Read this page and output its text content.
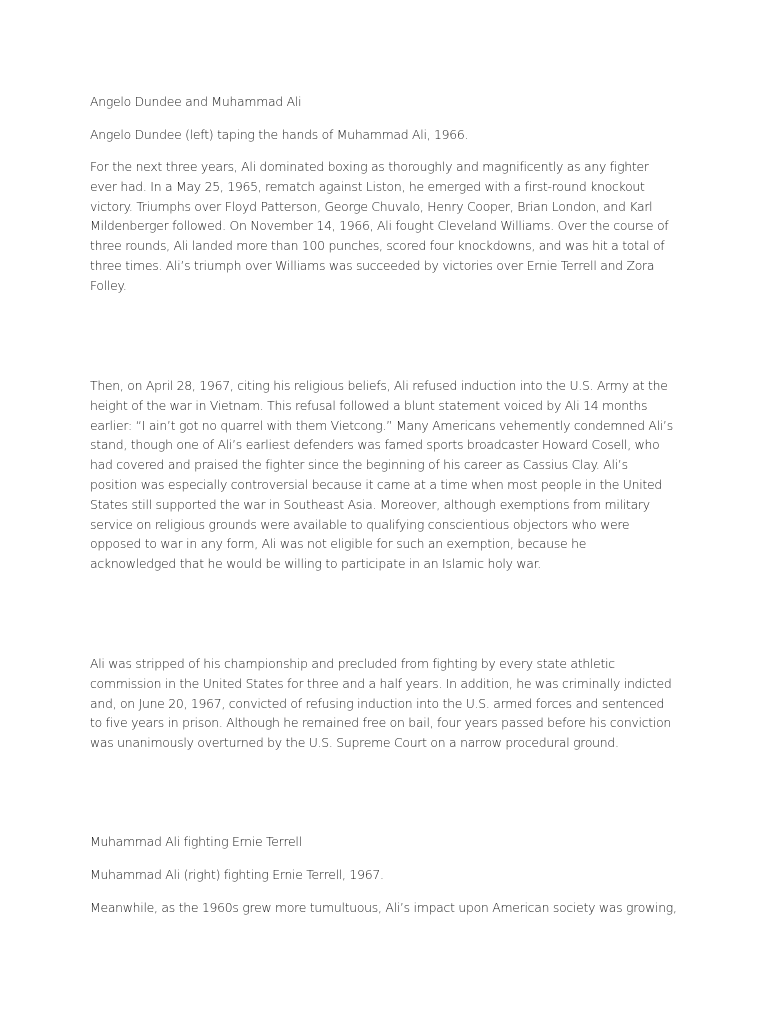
Angelo Dundee and Muhammad Ali

Angelo Dundee (left) taping the hands of Muhammad Ali, 1966.

For the next three years, Ali dominated boxing as thoroughly and magnificently as any fighter
ever had. In a May 25, 1965, rematch against Liston, he emerged with a first-round knockout
victory. Triumphs over Floyd Patterson, George Chuvalo, Henry Cooper, Brian London, and Karl
Mildenberger followed. On November 14, 1966, Ali fought Cleveland Williams. Over the course of
three rounds, Ali landed more than 100 punches, scored four knockdowns, and was hit a total of
three times. Ali’s triumph over Williams was succeeded by victories over Ernie Terrell and Zora
Folley.
Then, on April 28, 1967, citing his religious beliefs, Ali refused induction into the U.S. Army at the
height of the war in Vietnam. This refusal followed a blunt statement voiced by Ali 14 months
earlier: “I ain’t got no quarrel with them Vietcong.” Many Americans vehemently condemned Ali’s
stand, though one of Ali’s earliest defenders was famed sports broadcaster Howard Cosell, who
had covered and praised the fighter since the beginning of his career as Cassius Clay. Ali’s
position was especially controversial because it came at a time when most people in the United
States still supported the war in Southeast Asia. Moreover, although exemptions from military
service on religious grounds were available to qualifying conscientious objectors who were
opposed to war in any form, Ali was not eligible for such an exemption, because he
acknowledged that he would be willing to participate in an Islamic holy war.
Ali was stripped of his championship and precluded from fighting by every state athletic
commission in the United States for three and a half years. In addition, he was criminally indicted
and, on June 20, 1967, convicted of refusing induction into the U.S. armed forces and sentenced
to five years in prison. Although he remained free on bail, four years passed before his conviction
was unanimously overturned by the U.S. Supreme Court on a narrow procedural ground.

Muhammad Ali fighting Ernie Terrell

Muhammad Ali (right) fighting Ernie Terrell, 1967.

Meanwhile, as the 1960s grew more tumultuous, Ali’s impact upon American society was growing,
